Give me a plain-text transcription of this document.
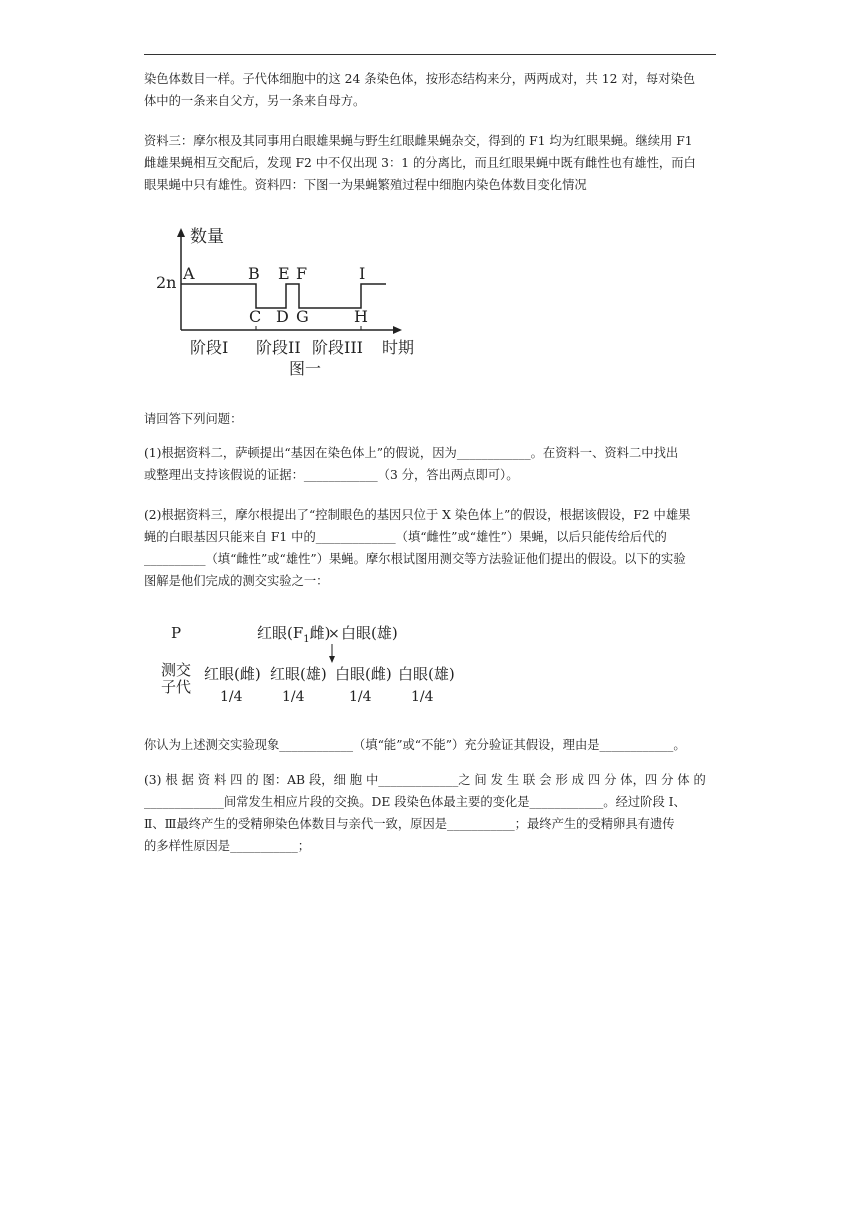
染色体数目一样。子代体细胞中的这 24 条染色体，按形态结构来分，两两成对，共 12 对，每对染色
体中的一条来自父方，另一条来自母方。
资料三：摩尔根及其同事用白眼雄果蝇与野生红眼雌果蝇杂交，得到的 F1 均为红眼果蝇。继续用 F1
雌雄果蝇相互交配后，发现 F2 中不仅出现 3：1 的分离比，而且红眼果蝇中既有雌性也有雄性，而白
眼果蝇中只有雄性。资料四：下图一为果蝇繁殖过程中细胞内染色体数目变化情况
数量
2n A	B E F	I
C D G	H
阶段I 阶段II 阶段III 时期
图一
请回答下列问题：
(1)根据资料二，萨顿提出“基因在染色体上”的假说，因为____________。在资料一、资料二中找出
或整理出支持该假说的证据：____________（3 分，答出两点即可）。
(2)根据资料三，摩尔根提出了“控制眼色的基因只位于 X 染色体上”的假设，根据该假设，F2 中雄果
蝇的白眼基因只能来自 F1 中的_____________（填“雌性”或“雄性”）果蝇，以后只能传给后代的
__________（填“雌性”或“雄性”）果蝇。摩尔根试图用测交等方法验证他们提出的假设。以下的实验
图解是他们完成的测交实验之一：
P	红眼($F_1$雌)
× 白眼(雄)
测交
子代
红眼(雌) 红眼(雄) 白眼(雌) 白眼(雄)
1/4	1/4	1/4	1/4
你认为上述测交实验现象____________（填“能”或“不能”）充分验证其假设，理由是____________。
(3) 根 据 资 料 四 的 图：AB 段，细 胞 中_____________之 间 发 生 联 会 形 成 四 分 体，四 分 体 的
_____________间常发生相应片段的交换。DE 段染色体最主要的变化是____________。经过阶段 I、
Ⅱ、Ⅲ最终产生的受精卵染色体数目与亲代一致，原因是___________；最终产生的受精卵具有遗传
的多样性原因是___________；
